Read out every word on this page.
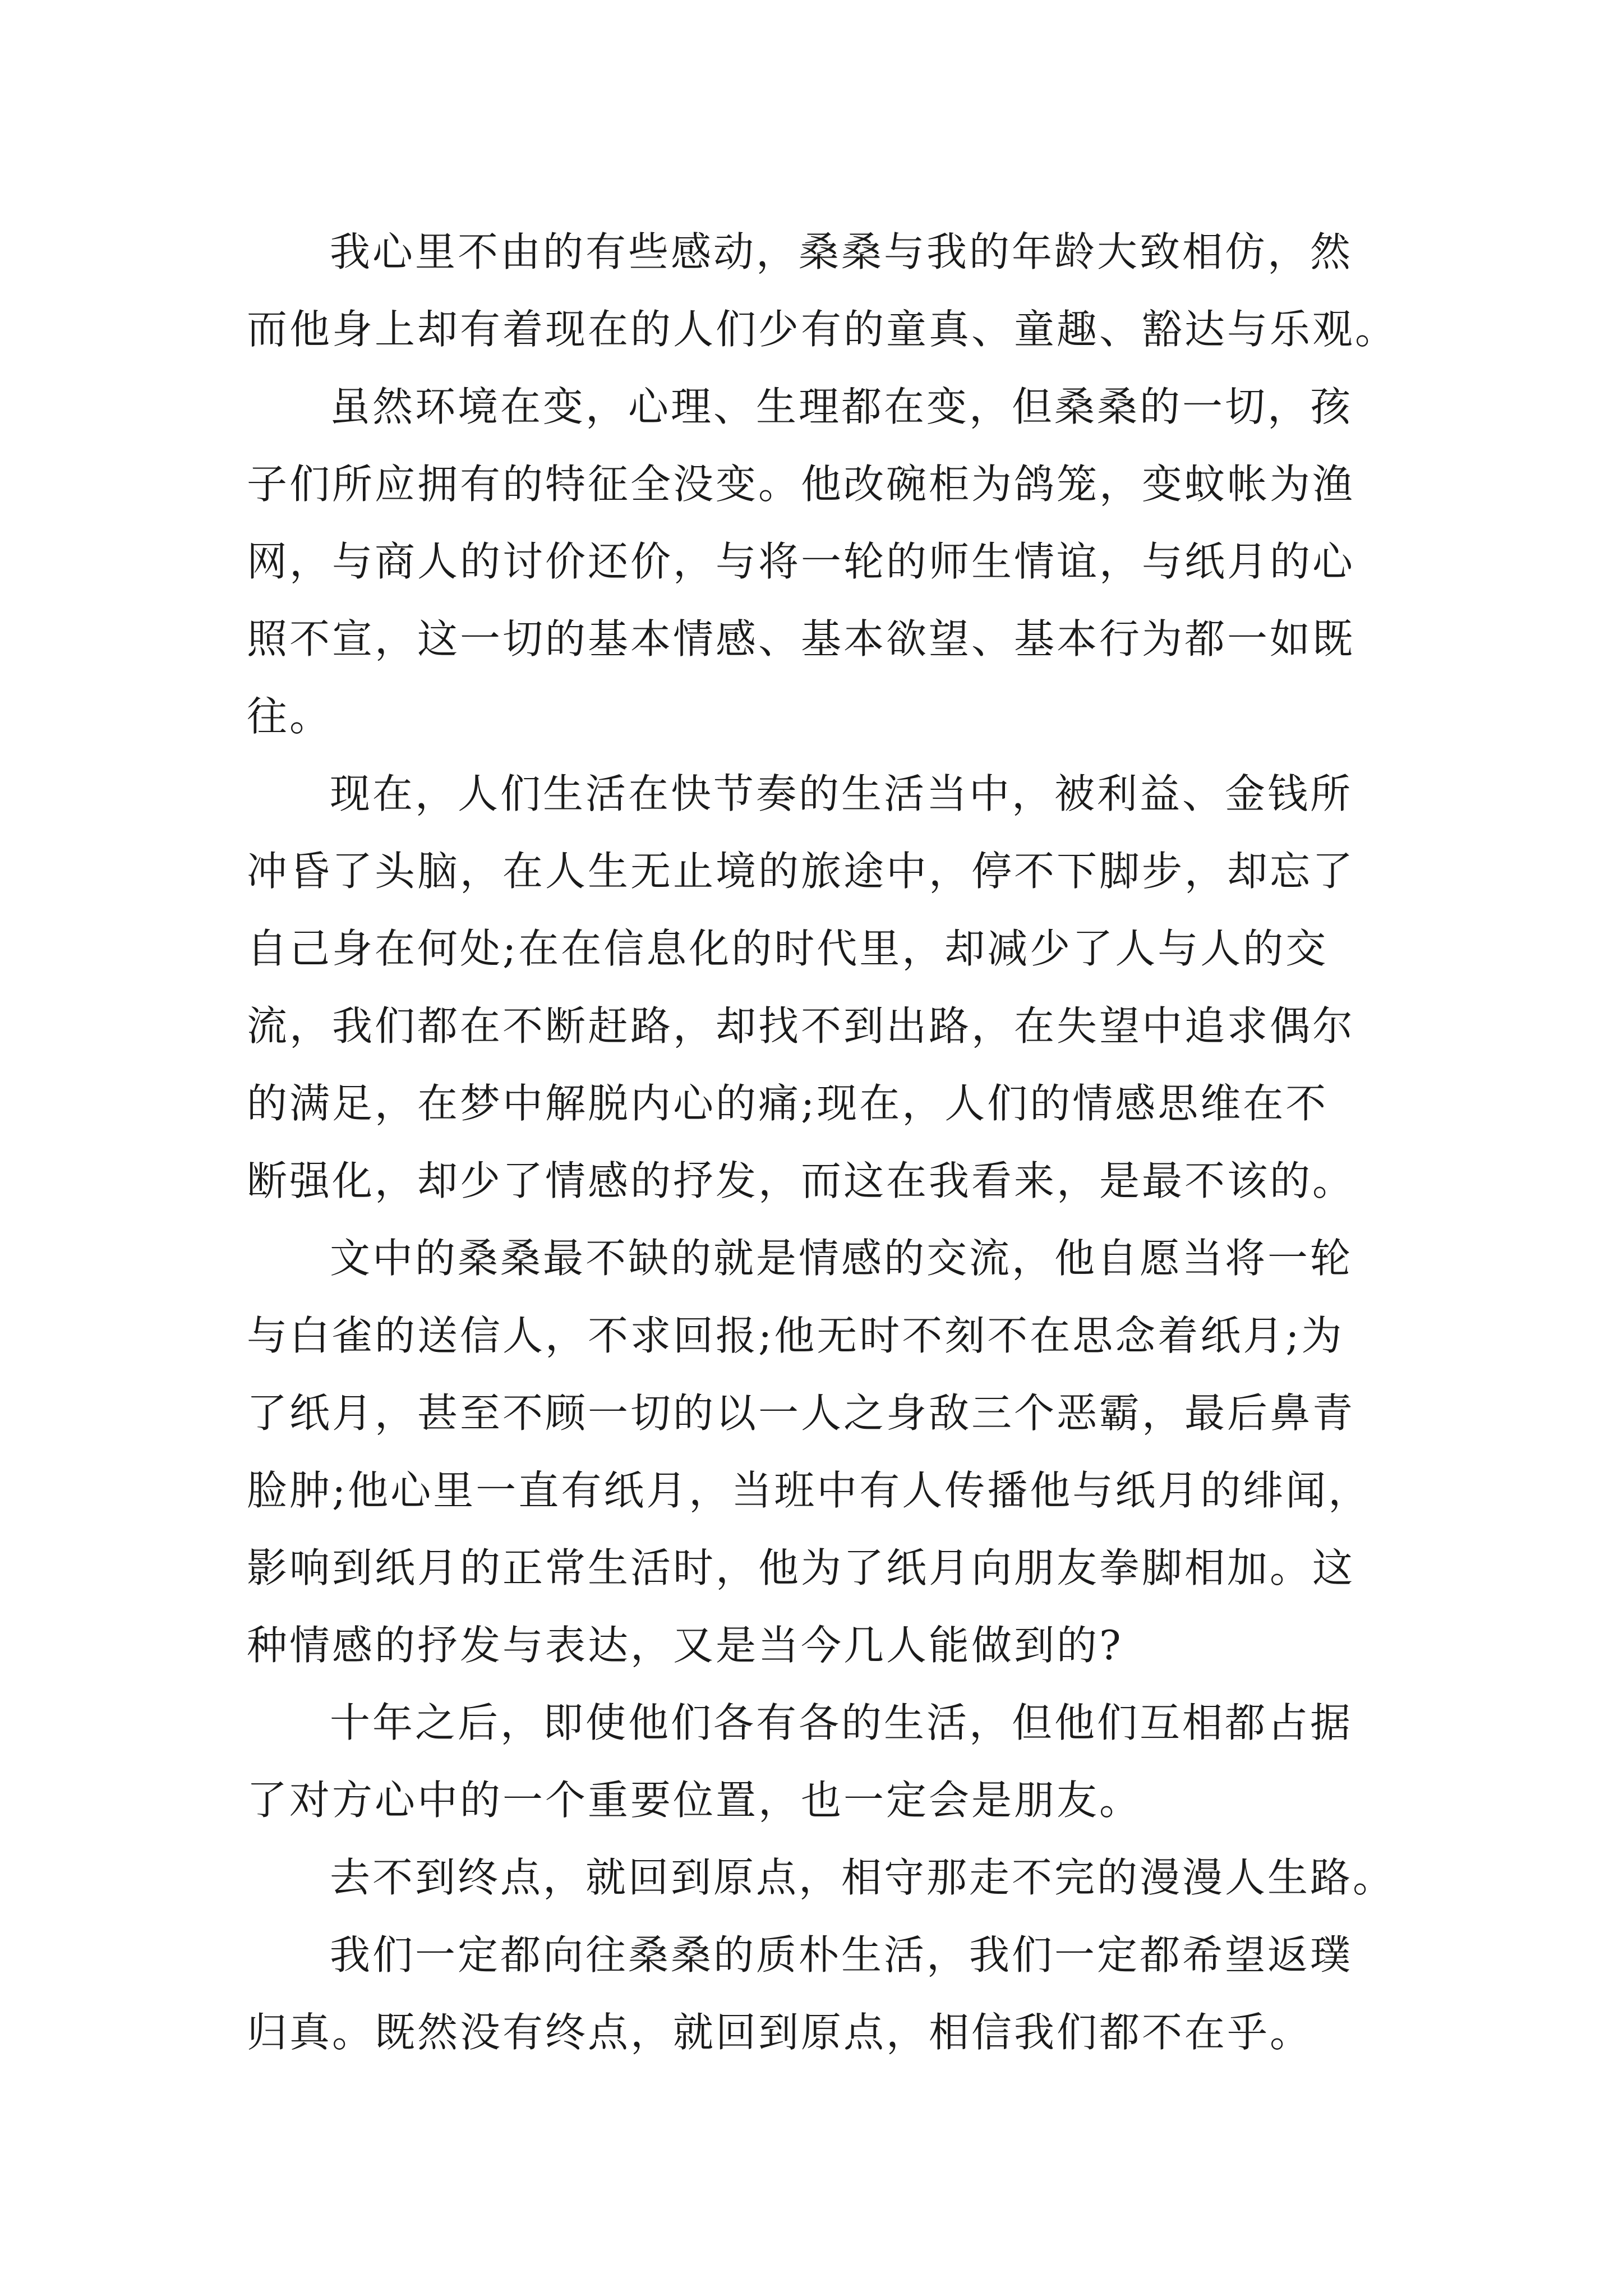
我心里不由的有些感动，桑桑与我的年龄大致相仿，然
而他身上却有着现在的人们少有的童真、童趣、豁达与乐观。
虽然环境在变，心理、生理都在变，但桑桑的一切，孩
子们所应拥有的特征全没变。他改碗柜为鸽笼，变蚊帐为渔
网，与商人的讨价还价，与将一轮的师生情谊，与纸月的心
照不宣，这一切的基本情感、基本欲望、基本行为都一如既
往。
现在，人们生活在快节奏的生活当中，被利益、金钱所
冲昏了头脑，在人生无止境的旅途中，停不下脚步，却忘了
自己身在何处;在在信息化的时代里，却减少了人与人的交
流，我们都在不断赶路，却找不到出路，在失望中追求偶尔
的满足，在梦中解脱内心的痛;现在，人们的情感思维在不
断强化，却少了情感的抒发，而这在我看来，是最不该的。
文中的桑桑最不缺的就是情感的交流，他自愿当将一轮
与白雀的送信人，不求回报;他无时不刻不在思念着纸月;为
了纸月，甚至不顾一切的以一人之身敌三个恶霸，最后鼻青
脸肿;他心里一直有纸月，当班中有人传播他与纸月的绯闻，
影响到纸月的正常生活时，他为了纸月向朋友拳脚相加。这
种情感的抒发与表达，又是当今几人能做到的?
十年之后，即使他们各有各的生活，但他们互相都占据
了对方心中的一个重要位置，也一定会是朋友。
去不到终点，就回到原点，相守那走不完的漫漫人生路。
我们一定都向往桑桑的质朴生活，我们一定都希望返璞
归真。既然没有终点，就回到原点，相信我们都不在乎。
